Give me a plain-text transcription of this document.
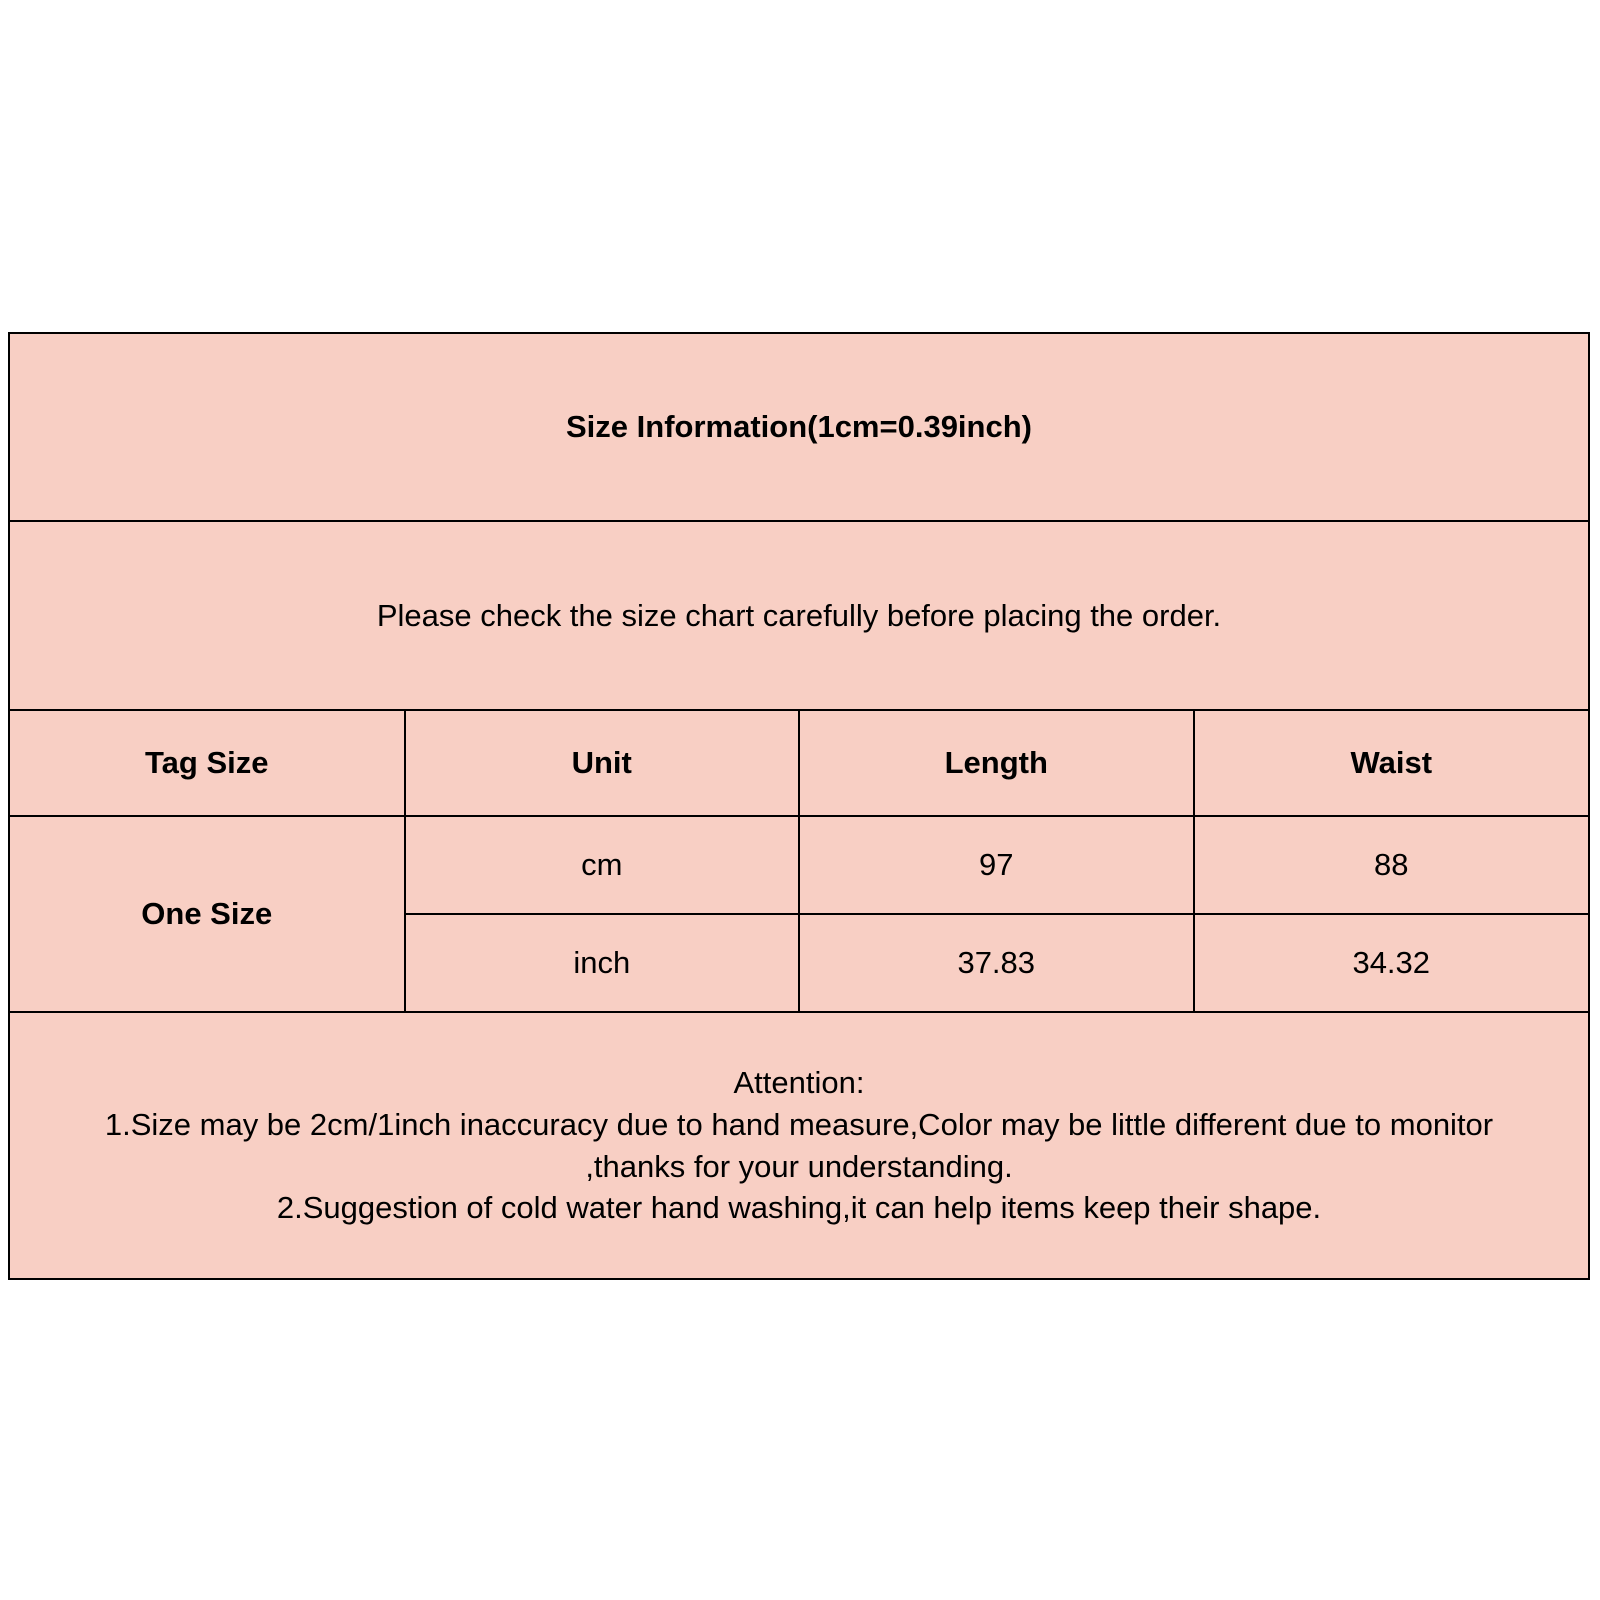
Size Information(1cm=0.39inch)			
Please check the size chart carefully before placing the order.			
Tag Size	Unit	Length	Waist
One Size	cm	97	88
	inch	37.83	34.32

Attention:
1.Size may be 2cm/1inch inaccuracy due to hand measure,Color may be little different due to monitor
,thanks for your understanding.
2.Suggestion of cold water hand washing,it can help items keep their shape.			
